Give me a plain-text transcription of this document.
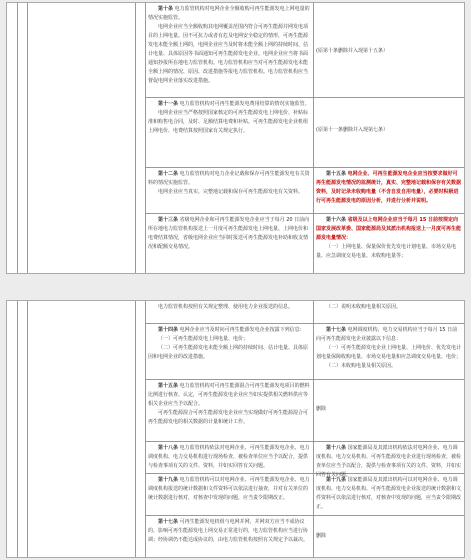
第十条 电力监管机构对电网企业全额收购可再生能源发电上网电量的情况实施监管。
电网企业应当全额收购其电网覆盖范围内符合可再生能源并网发电项目的上网电量。因不可抗力或者有危及电网安全稳定的情形，可再生能源发电未能全额上网的，电网企业应当及时将未能全额上网的持续时间、估计电量、具体原因等书面通知可再生能源发电企业。电网企业应当将书面通知抄报所在地电力监管机构。电力监管机构应当对可再生能源发电未能全额上网的情况、原因、改进措施等报电力监管机构。电力监管机构应当督促电网企业落实改进措施。
(原第十条删除并入现第十五条）
第十一条 电力监管机构对可再生能源发电费用结算的情况实施监管。
电网企业应当严格按照国家核定的可再生能源发电上网电价、补贴标准和购售电合同，及时、足额结算电费和补贴。可再生能源发电企业机组上网电价、电费结算按照国家有关规定执行。	(原第十一条删除并入现第七条）
第十二条 电力监管机构对电力企业记载和保存可再生能源发电有关资料的情况实施监管。
电网企业应当真实、完整地记载和保存可再生能源发电有关资料。
第十五条 电网企业、可再生能源发电企业应当按要求做好可再生能源发电情况的监测统计，真实、完整地记载和保存有关数据资料，及时记录未收购电量（不含自发自用电量），必要时积极进行可再生能源发电的原因分析，并进行分析并说明。
第十三条 省级电网企业和可再生能源发电企业应当于每月 20 日前向所在地电力监管机构报送上一月度可再生能源发电上网电量、上网电价和电费结算情况，省级电网企业应当同时报送可再生能源发电补助和收支情况和配额交易情况。
第十六条 省级及以上电网企业应当于每月 15 日前按规定向国家发展改革委、国家能源局及其派出机构报送上一月度可再生能源发电量情况：
（一）上网电量、保量保价优先发电计划电量、市场交易电量、应急调度交易电量、未收购电量等；
电力监管机构按照有关规定整理、使用电力企业报送的信息。	（二）说明未收购电量相关原因。
第十四条 电网企业应当及时向可再生能源发电企业按露下列信息：
（一）可再生能源发电上网电量、电价；
（二）可再生能源发电未能全额上网的持续时间、估计电量、具体原因和电网企业的改进措施。
第十七条 电网调度机构、电力交易机构应当于每月 15 日前向可再生能源发电企业披露以下信息：
（一）可再生能源发电企业上网电量、上网电价、优先发电计划电量保障收购电量、市场交易电量和应急调度交易电量、电价；
（二）未收购电量及相关原因。
第十五条 电力监管机构对可再生能源混合可再生能源发电项目的燃料比例进行核查、认定，可再生能源发电企业应当如实提供相关燃料供应等相关企业应当予以配合。
可再生能源混合可再生能源发电企业应当实现做好可再生能源混合可再生能源发电的相关数据的计量和统计工作。
删除
第十八条 电力监管机构依法对电网企业、可再生能源发电企业、电力调度机构、电力交易机构进行现场检查，被检查单位应当予以配合，提供与检查事项有关的文件、资料，并如实回答有关问题。
第十八条 国家能源局及其派出机构依法对电网企业、电力调度机构、电力交易机构、可再生能源发电企业进行现场检查，被检查单位应当予以配合，提供与检查事项有关的文件、资料，并如实回答有关问题。
第十九条 电力监管机构可以对电网企业、可再生能源发电企业、电力调度机构报送的统计数据和文件资料可以依法进行抽查，并对有关单位的统计数据进行核对，对核查中发现的问题，应当责令限期改正。
第十九条 国家能源局及其派出机构可以对电网企业、电力调度机构、电力交易机构、可再生能源发电企业报送的统计数据和文件资料可以依法进行核对，对核查中发现的问题，应当责令限期改正。
第十七条 可再生能源发电机组与电网并网，并网双方应当不成协议的，影响可再生能源发电上网交易正常进行的，电力监管机构应当进行协调；经协调仍不能达成协议的，由电力监管机构按照有关规定予以裁决。
删除
